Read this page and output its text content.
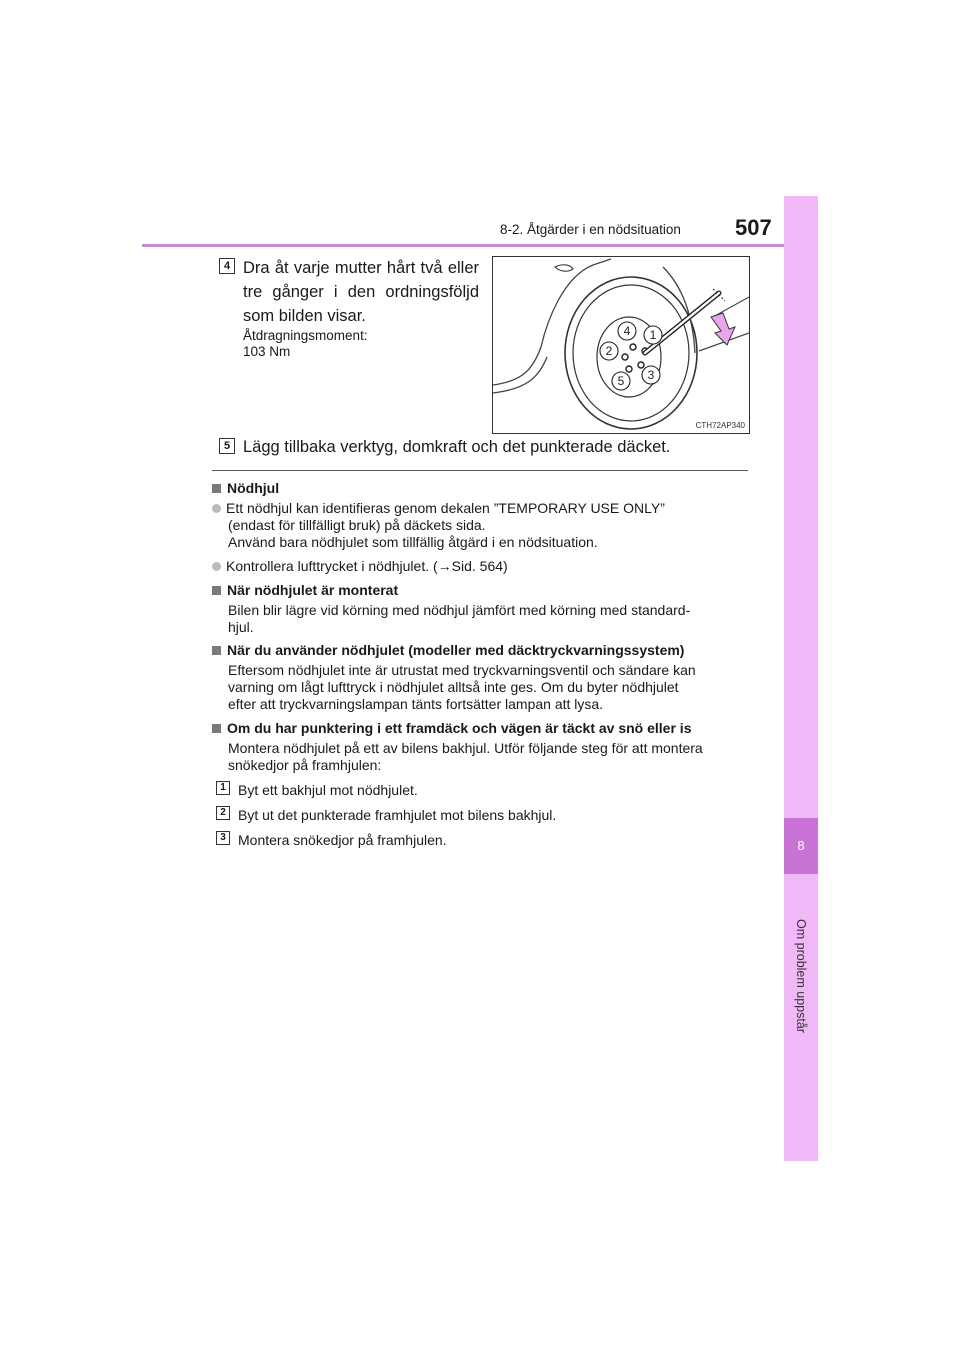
8-2. Åtgärder i en nödsituation	507
8
Om problem uppstår
4 Dra åt varje mutter hårt två eller tre gånger i den ordningsföljd som bilden visar.
Åtdragningsmoment:
103 Nm
4 1
2
3
5
CTH72AP340
5 Lägg tillbaka verktyg, domkraft och det punkterade däcket.
Nödhjul
Ett nödhjul kan identifieras genom dekalen ”TEMPORARY USE ONLY”
(endast för tillfälligt bruk) på däckets sida.
Använd bara nödhjulet som tillfällig åtgärd i en nödsituation.
Kontrollera lufttrycket i nödhjulet. (→Sid. 564)
När nödhjulet är monterat
Bilen blir lägre vid körning med nödhjul jämfört med körning med standard-
hjul.
När du använder nödhjulet (modeller med däcktryckvarningssystem)
Eftersom nödhjulet inte är utrustat med tryckvarningsventil och sändare kan
varning om lågt lufttryck i nödhjulet alltså inte ges. Om du byter nödhjulet
efter att tryckvarningslampan tänts fortsätter lampan att lysa.
Om du har punktering i ett framdäck och vägen är täckt av snö eller is
Montera nödhjulet på ett av bilens bakhjul. Utför följande steg för att montera
snökedjor på framhjulen:
1 Byt ett bakhjul mot nödhjulet.
2 Byt ut det punkterade framhjulet mot bilens bakhjul.
3 Montera snökedjor på framhjulen.
